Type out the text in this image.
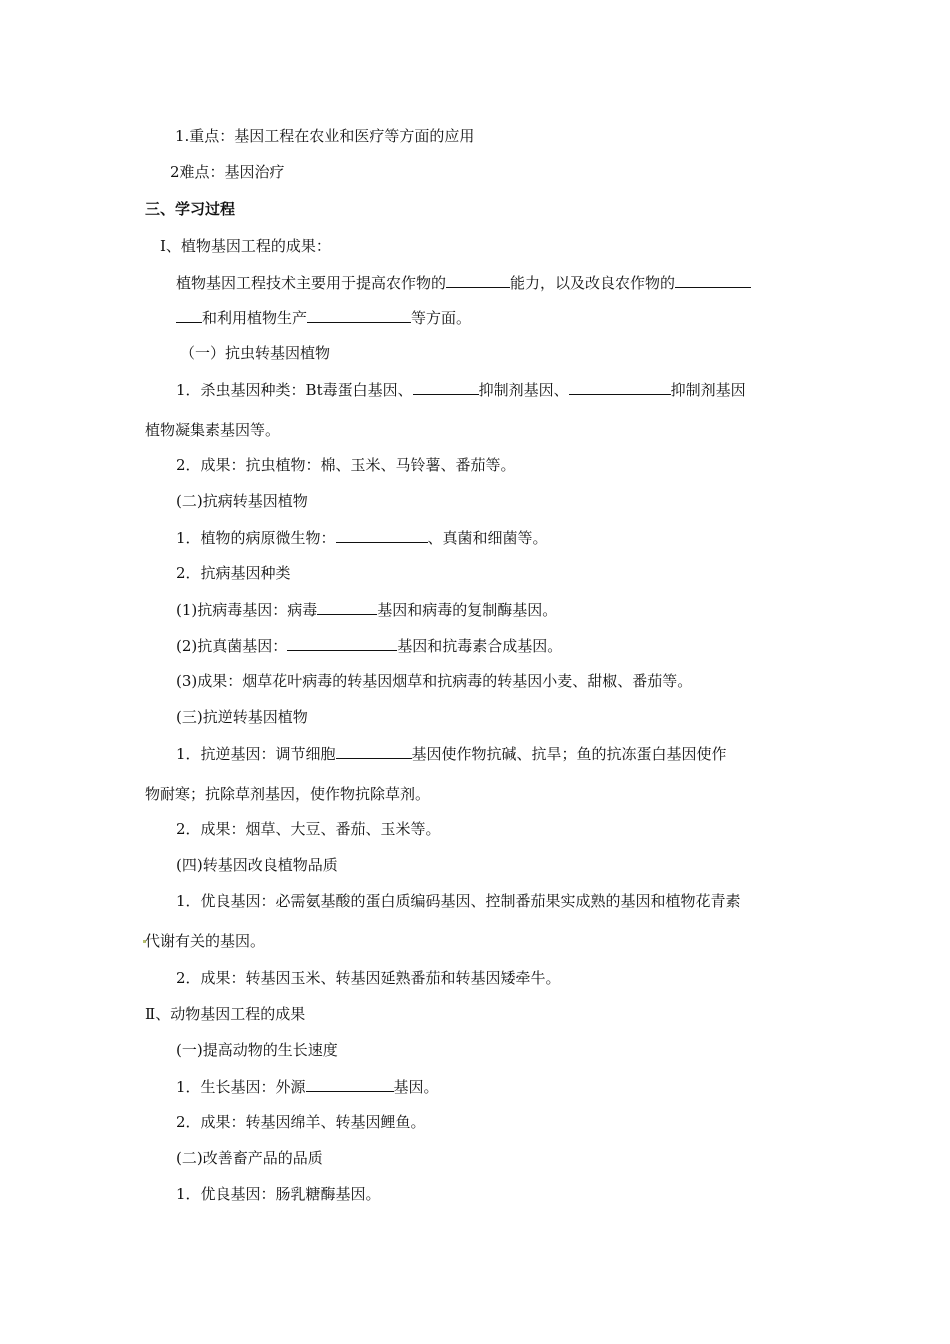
1.重点：基因工程在农业和医疗等方面的应用
2难点：基因治疗
三、学习过程
Ⅰ、植物基因工程的成果：
植物基因工程技术主要用于提高农作物的	能力，以及改良农作物的
和利用植物生产	等方面。
（一）抗虫转基因植物
1．杀虫基因种类：Bt毒蛋白基因、	抑制剂基因、	抑制剂基因
植物凝集素基因等。
2．成果：抗虫植物：棉、玉米、马铃薯、番茄等。
(二)抗病转基因植物
1．植物的病原微生物：	、真菌和细菌等。
2．抗病基因种类
(1)抗病毒基因：病毒	基因和病毒的复制酶基因。
(2)抗真菌基因：	基因和抗毒素合成基因。
(3)成果：烟草花叶病毒的转基因烟草和抗病毒的转基因小麦、甜椒、番茄等。
(三)抗逆转基因植物
1．抗逆基因：调节细胞	基因使作物抗碱、抗旱；鱼的抗冻蛋白基因使作
物耐寒；抗除草剂基因，使作物抗除草剂。
2．成果：烟草、大豆、番茄、玉米等。
(四)转基因改良植物品质
1．优良基因：必需氨基酸的蛋白质编码基因、控制番茄果实成熟的基因和植物花青素
代谢有关的基因。
2．成果：转基因玉米、转基因延熟番茄和转基因矮牵牛。
Ⅱ、动物基因工程的成果
(一)提高动物的生长速度
1．生长基因：外源	基因。
2．成果：转基因绵羊、转基因鲤鱼。
(二)改善畜产品的品质
1．优良基因：肠乳糖酶基因。
